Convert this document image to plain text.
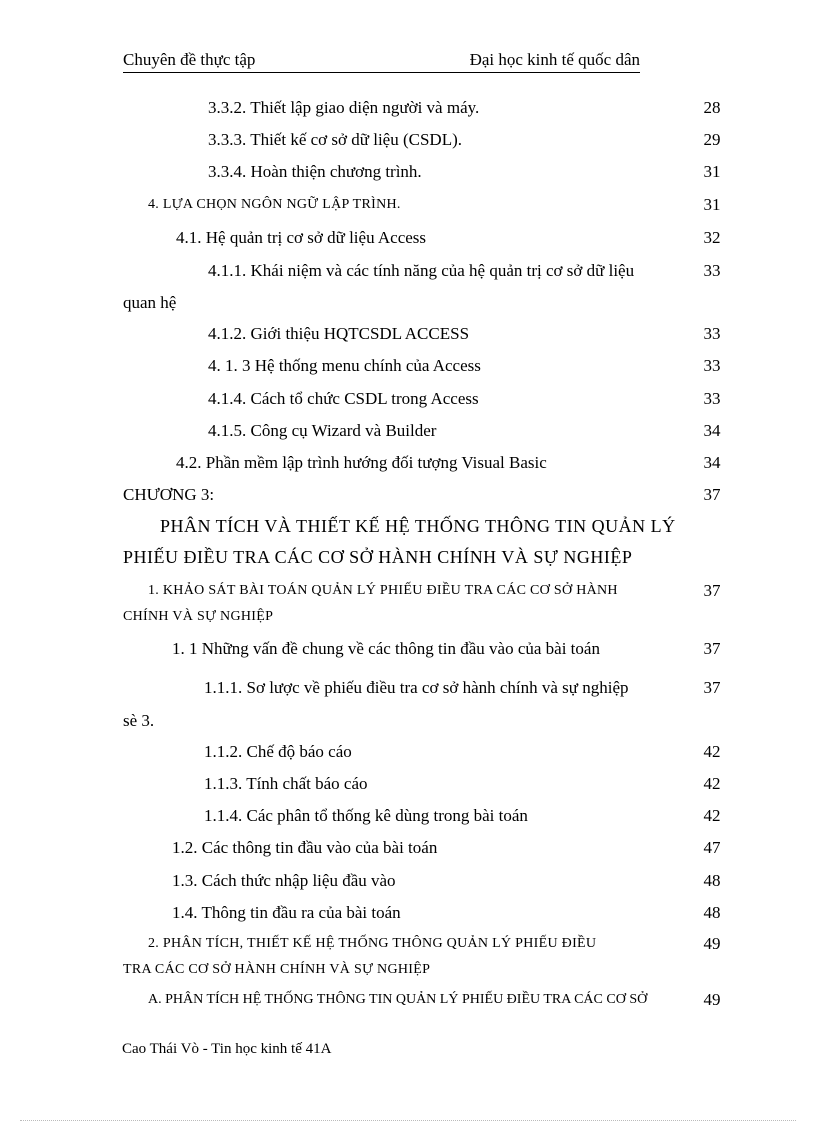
Chuyên đề thực tập	Đại học kinh tế quốc dân
3.3.2. Thiết lập giao diện người và máy.	28
3.3.3. Thiết kế cơ sở dữ liệu (CSDL).	29
3.3.4. Hoàn thiện chương trình.	31
4. LỰA CHỌN NGÔN NGỮ LẬP TRÌNH.	31
4.1. Hệ quản trị cơ sở dữ liệu Access	32
4.1.1. Khái niệm và các tính năng của hệ quản trị cơ sở dữ liệu	33
quan hệ
4.1.2. Giới thiệu HQTCSDL ACCESS	33
4. 1. 3 Hệ thống menu chính của Access	33
4.1.4. Cách tổ chức CSDL trong Access	33
4.1.5. Công cụ Wizard và Builder	34
4.2. Phần mềm lập trình hướng đối tượng Visual Basic	34
CHƯƠNG 3:	37
PHÂN TÍCH VÀ THIẾT KẾ HỆ THỐNG THÔNG TIN QUẢN LÝ
PHIẾU ĐIỀU TRA CÁC CƠ SỞ HÀNH CHÍNH VÀ SỰ NGHIỆP
1. KHẢO SÁT BÀI TOÁN QUẢN LÝ PHIẾU ĐIỀU TRA CÁC CƠ SỞ HÀNH	37
CHÍNH VÀ SỰ NGHIỆP
1. 1 Những vấn đề chung về các thông tin đầu vào của bài toán	37
1.1.1. Sơ lược về phiếu điều tra cơ sở hành chính và sự nghiệp	37
sè 3.
1.1.2. Chế độ báo cáo	42
1.1.3. Tính chất báo cáo	42
1.1.4. Các phân tổ thống kê dùng trong bài toán	42
1.2. Các thông tin đầu vào của bài toán	47
1.3. Cách thức nhập liệu đầu vào	48
1.4. Thông tin đầu ra của bài toán	48
2. PHÂN TÍCH, THIẾT KẾ HỆ THỐNG THÔNG QUẢN LÝ PHIẾU ĐIỀU	49
TRA CÁC CƠ SỞ HÀNH CHÍNH VÀ SỰ NGHIỆP
A. PHÂN TÍCH HỆ THỐNG THÔNG TIN QUẢN LÝ PHIẾU ĐIỀU TRA CÁC CƠ SỞ	49
Cao Thái Vò - Tin học kinh tế 41A
